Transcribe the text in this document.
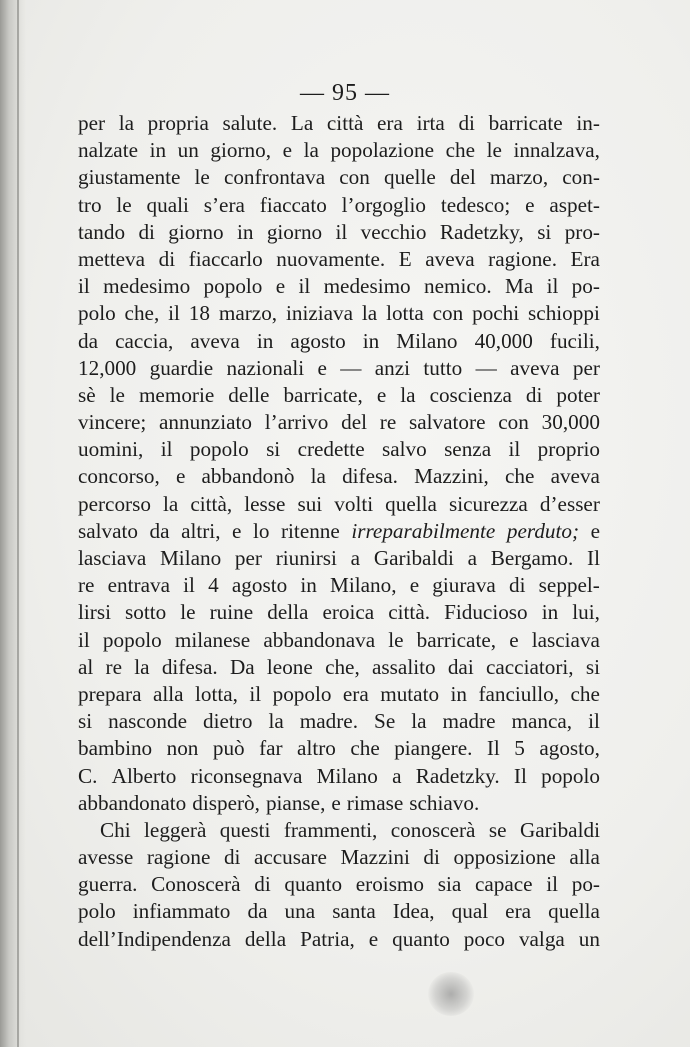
— 95 —
per la propria salute. La città era irta di barricate in-
nalzate in un giorno, e la popolazione che le innalzava,
giustamente le confrontava con quelle del marzo, con-
tro le quali s’era fiaccato l’orgoglio tedesco; e aspet-
tando di giorno in giorno il vecchio Radetzky, si pro-
metteva di fiaccarlo nuovamente. E aveva ragione. Era
il medesimo popolo e il medesimo nemico. Ma il po-
polo che, il 18 marzo, iniziava la lotta con pochi schioppi
da caccia, aveva in agosto in Milano 40,000 fucili,
12,000 guardie nazionali e — anzi tutto — aveva per
sè le memorie delle barricate, e la coscienza di poter
vincere; annunziato l’arrivo del re salvatore con 30,000
uomini, il popolo si credette salvo senza il proprio
concorso, e abbandonò la difesa. Mazzini, che aveva
percorso la città, lesse sui volti quella sicurezza d’esser
salvato da altri, e lo ritenne irreparabilmente perduto; e
lasciava Milano per riunirsi a Garibaldi a Bergamo. Il
re entrava il 4 agosto in Milano, e giurava di seppel-
lirsi sotto le ruine della eroica città. Fiducioso in lui,
il popolo milanese abbandonava le barricate, e lasciava
al re la difesa. Da leone che, assalito dai cacciatori, si
prepara alla lotta, il popolo era mutato in fanciullo, che
si nasconde dietro la madre. Se la madre manca, il
bambino non può far altro che piangere. Il 5 agosto,
C. Alberto riconsegnava Milano a Radetzky. Il popolo
abbandonato disperò, pianse, e rimase schiavo.
Chi leggerà questi frammenti, conoscerà se Garibaldi
avesse ragione di accusare Mazzini di opposizione alla
guerra. Conoscerà di quanto eroismo sia capace il po-
polo infiammato da una santa Idea, qual era quella
dell’Indipendenza della Patria, e quanto poco valga un
